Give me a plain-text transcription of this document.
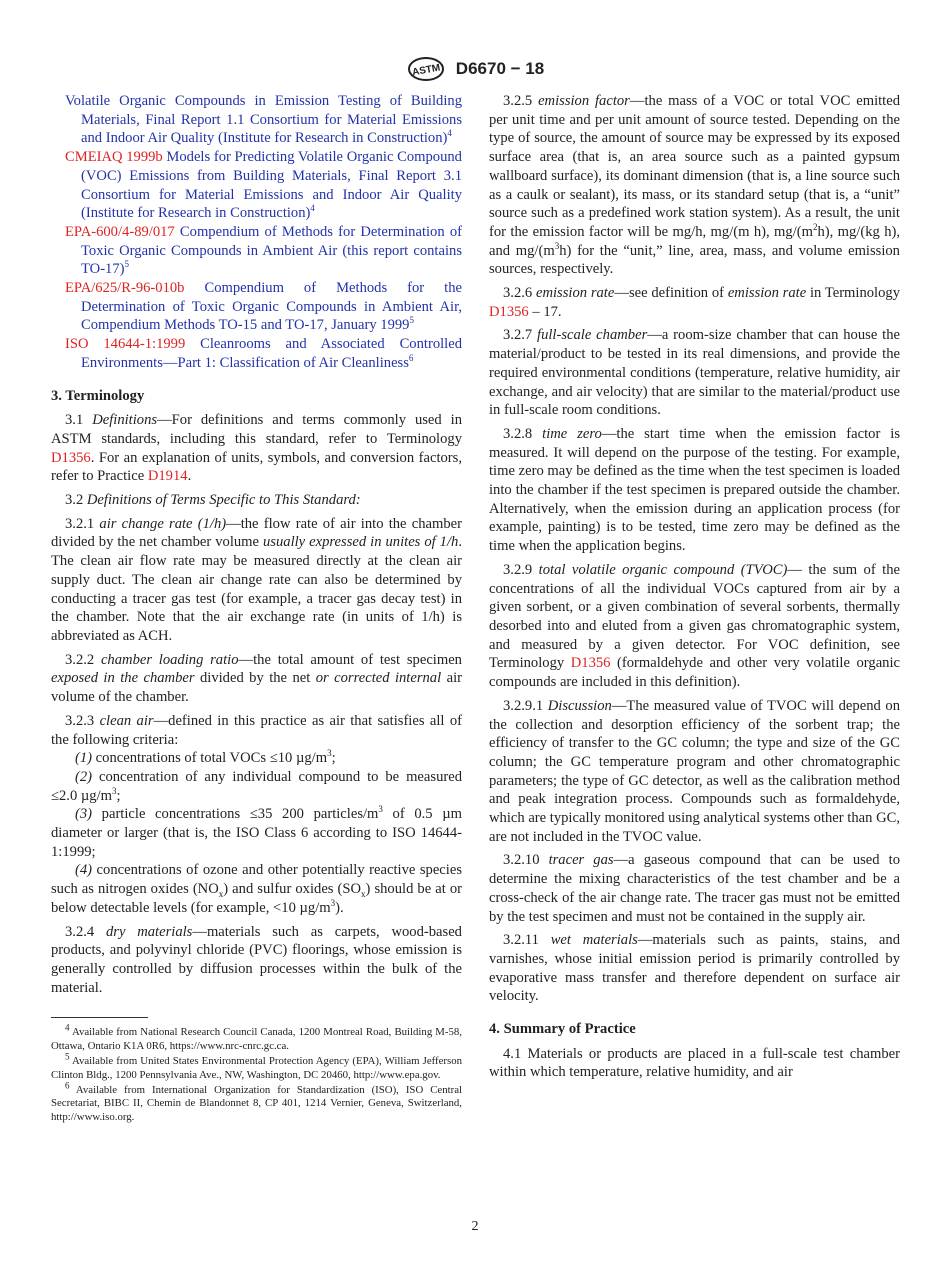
ASTM D6670 − 18
Volatile Organic Compounds in Emission Testing of Building Materials, Final Report 1.1 Consortium for Material Emissions and Indoor Air Quality (Institute for Research in Construction)$^4$
CMEIAQ 1999b Models for Predicting Volatile Organic Compound (VOC) Emissions from Building Materials, Final Report 3.1 Consortium for Material Emissions and Indoor Air Quality (Institute for Research in Construction)$^4$
EPA-600/4-89/017 Compendium of Methods for Determination of Toxic Organic Compounds in Ambient Air (this report contains TO-17)$^5$
EPA/625/R-96-010b Compendium of Methods for the Determination of Toxic Organic Compounds in Ambient Air, Compendium Methods TO-15 and TO-17, January 1999$^5$
ISO 14644-1:1999 Cleanrooms and Associated Controlled Environments—Part 1: Classification of Air Cleanliness$^6$
3. Terminology

3.1 Definitions—For definitions and terms commonly used in ASTM standards, including this standard, refer to Terminology D1356. For an explanation of units, symbols, and conversion factors, refer to Practice D1914.

3.2 Definitions of Terms Specific to This Standard:

3.2.1 air change rate (1/h)—the flow rate of air into the chamber divided by the net chamber volume usually expressed in unites of 1/h. The clean air flow rate may be measured directly at the clean air supply duct. The clean air change rate can also be determined by conducting a tracer gas test (for example, a tracer gas decay test) in the chamber. Note that the air exchange rate (in units of 1/h) is abbreviated as ACH.

3.2.2 chamber loading ratio—the total amount of test specimen exposed in the chamber divided by the net or corrected internal air volume of the chamber.

3.2.3 clean air—defined in this practice as air that satisfies all of the following criteria:

(1) concentrations of total VOCs ≤10 $\mu g/m^3$;

(2) concentration of any individual compound to be measured ≤2.0 $\mu g/m^3$;

(3) particle concentrations ≤35 200 particles/$m^3$ of 0.5 µm diameter or larger (that is, the ISO Class 6 according to ISO 14644-1:1999;

(4) concentrations of ozone and other potentially reactive species such as nitrogen oxides $(NO_x)$ and sulfur oxides $(SO_x)$ should be at or below detectable levels (for example, <10 $\mu g/m^3$).

3.2.4 dry materials—materials such as carpets, wood-based products, and polyvinyl chloride (PVC) floorings, whose emission is generally controlled by diffusion processes within the bulk of the material.

$^4$ Available from National Research Council Canada, 1200 Montreal Road, Building M-58, Ottawa, Ontario K1A 0R6, https://www.nrc-cnrc.gc.ca.

$^5$ Available from United States Environmental Protection Agency (EPA), William Jefferson Clinton Bldg., 1200 Pennsylvania Ave., NW, Washington, DC 20460, http://www.epa.gov.

$^6$ Available from International Organization for Standardization (ISO), ISO Central Secretariat, BIBC II, Chemin de Blandonnet 8, CP 401, 1214 Vernier, Geneva, Switzerland, http://www.iso.org.

3.2.5 emission factor—the mass of a VOC or total VOC emitted per unit time and per unit amount of source tested. Depending on the type of source, the amount of source may be expressed by its exposed surface area (that is, an area source such as a painted gypsum wallboard surface), its dominant dimension (that is, a line source such as a caulk or sealant), its mass, or its standard setup (that is, a “unit” source such as a predefined work station system). As a result, the unit for the emission factor will be mg/h, mg/(m h), $mg/(m^2h)$, mg/(kg h), and $mg/(m^3h)$ for the “unit,” line, area, mass, and volume emission sources, respectively.

3.2.6 emission rate—see definition of emission rate in Terminology D1356 – 17.

3.2.7 full-scale chamber—a room-size chamber that can house the material/product to be tested in its real dimensions, and provide the required environmental conditions (temperature, relative humidity, air exchange, and air velocity) that are similar to the material/product use in full-scale room conditions.

3.2.8 time zero—the start time when the emission factor is measured. It will depend on the purpose of the testing. For example, time zero may be defined as the time when the test specimen is loaded into the chamber if the test specimen is prepared outside the chamber. Alternatively, when the emission during an application process (for example, painting) is to be tested, time zero may be defined as the time when the application begins.

3.2.9 total volatile organic compound (TVOC)— the sum of the concentrations of all the individual VOCs captured from air by a given sorbent, or a given combination of several sorbents, thermally desorbed into and eluted from a given gas chromatographic system, and measured by a given detector. For VOC definition, see Terminology D1356 (formaldehyde and other very volatile organic compounds are included in this definition).

3.2.9.1 Discussion—The measured value of TVOC will depend on the collection and desorption efficiency of the sorbent trap; the efficiency of transfer to the GC column; the type and size of the GC column; the GC temperature program and other chromatographic parameters; the type of GC detector, as well as the calibration method and peak integration process. Compounds such as formaldehyde, which are typically monitored using analytical systems other than GC, are not included in the TVOC value.

3.2.10 tracer gas—a gaseous compound that can be used to determine the mixing characteristics of the test chamber and be a cross-check of the air change rate. The tracer gas must not be emitted by the test specimen and must not be contained in the supply air.

3.2.11 wet materials—materials such as paints, stains, and varnishes, whose initial emission period is primarily controlled by evaporative mass transfer and therefore dependent on surface air velocity.

4. Summary of Practice

4.1 Materials or products are placed in a full-scale test chamber within which temperature, relative humidity, and air

2
